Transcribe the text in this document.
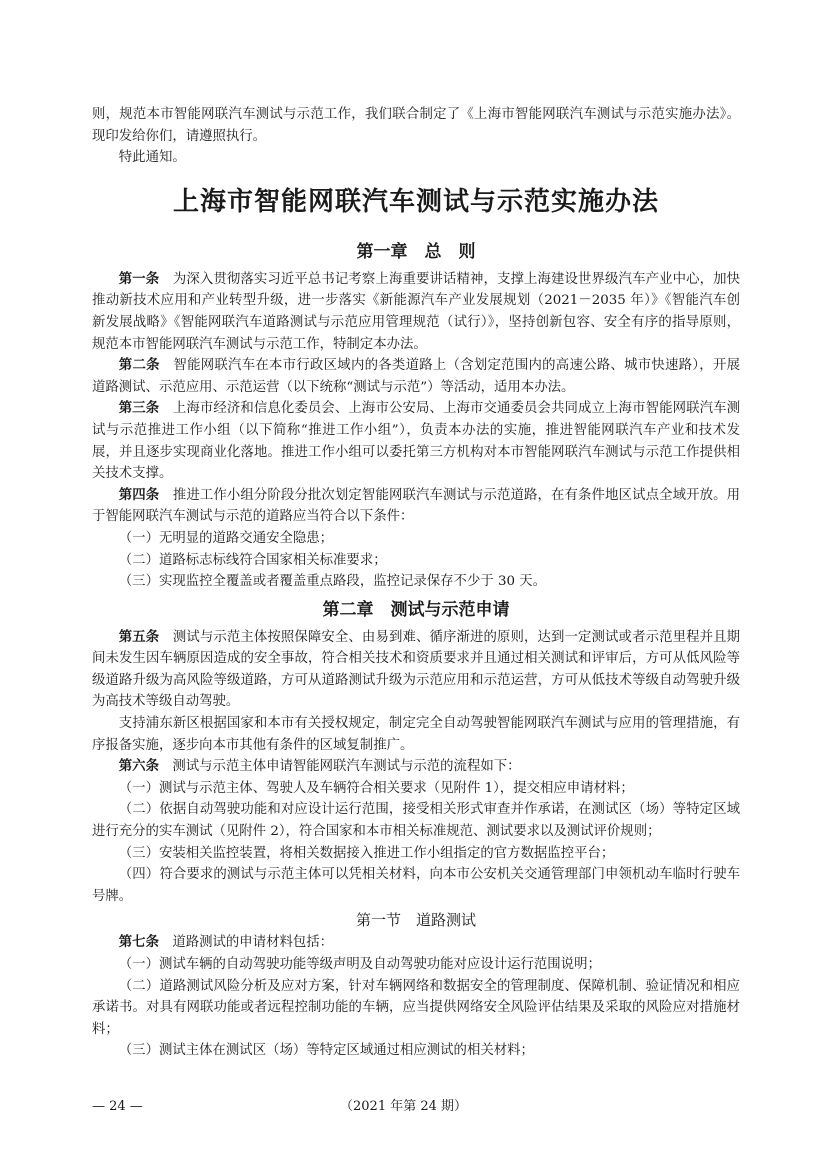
则，规范本市智能网联汽车测试与示范工作，我们联合制定了《上海市智能网联汽车测试与示范实施办法》。现印发给你们，请遵照执行。

特此通知。

上海市智能网联汽车测试与示范实施办法

第一章　总　则

第一条　为深入贯彻落实习近平总书记考察上海重要讲话精神，支撑上海建设世界级汽车产业中心，加快推动新技术应用和产业转型升级，进一步落实《新能源汽车产业发展规划（2021－2035 年）》《智能汽车创新发展战略》《智能网联汽车道路测试与示范应用管理规范（试行）》，坚持创新包容、安全有序的指导原则，规范本市智能网联汽车测试与示范工作，特制定本办法。

第二条　智能网联汽车在本市行政区域内的各类道路上（含划定范围内的高速公路、城市快速路），开展道路测试、示范应用、示范运营（以下统称“测试与示范”）等活动，适用本办法。

第三条　上海市经济和信息化委员会、上海市公安局、上海市交通委员会共同成立上海市智能网联汽车测试与示范推进工作小组（以下简称“推进工作小组”），负责本办法的实施，推进智能网联汽车产业和技术发展，并且逐步实现商业化落地。推进工作小组可以委托第三方机构对本市智能网联汽车测试与示范工作提供相关技术支撑。

第四条　推进工作小组分阶段分批次划定智能网联汽车测试与示范道路，在有条件地区试点全域开放。用于智能网联汽车测试与示范的道路应当符合以下条件：

（一）无明显的道路交通安全隐患；

（二）道路标志标线符合国家相关标准要求；

（三）实现监控全覆盖或者覆盖重点路段，监控记录保存不少于 30 天。

第二章　测试与示范申请

第五条　测试与示范主体按照保障安全、由易到难、循序渐进的原则，达到一定测试或者示范里程并且期间未发生因车辆原因造成的安全事故，符合相关技术和资质要求并且通过相关测试和评审后，方可从低风险等级道路升级为高风险等级道路，方可从道路测试升级为示范应用和示范运营，方可从低技术等级自动驾驶升级为高技术等级自动驾驶。

支持浦东新区根据国家和本市有关授权规定，制定完全自动驾驶智能网联汽车测试与应用的管理措施，有序报备实施，逐步向本市其他有条件的区域复制推广。

第六条　测试与示范主体申请智能网联汽车测试与示范的流程如下：

（一）测试与示范主体、驾驶人及车辆符合相关要求（见附件 1），提交相应申请材料；

（二）依据自动驾驶功能和对应设计运行范围，接受相关形式审查并作承诺，在测试区（场）等特定区域进行充分的实车测试（见附件 2），符合国家和本市相关标准规范、测试要求以及测试评价规则；

（三）安装相关监控装置，将相关数据接入推进工作小组指定的官方数据监控平台；

（四）符合要求的测试与示范主体可以凭相关材料，向本市公安机关交通管理部门申领机动车临时行驶车号牌。

第一节　道路测试

第七条　道路测试的申请材料包括：

（一）测试车辆的自动驾驶功能等级声明及自动驾驶功能对应设计运行范围说明；

（二）道路测试风险分析及应对方案，针对车辆网络和数据安全的管理制度、保障机制、验证情况和相应承诺书。对具有网联功能或者远程控制功能的车辆，应当提供网络安全风险评估结果及采取的风险应对措施材料；

（三）测试主体在测试区（场）等特定区域通过相应测试的相关材料；

— 24 —	（2021 年第 24 期）
